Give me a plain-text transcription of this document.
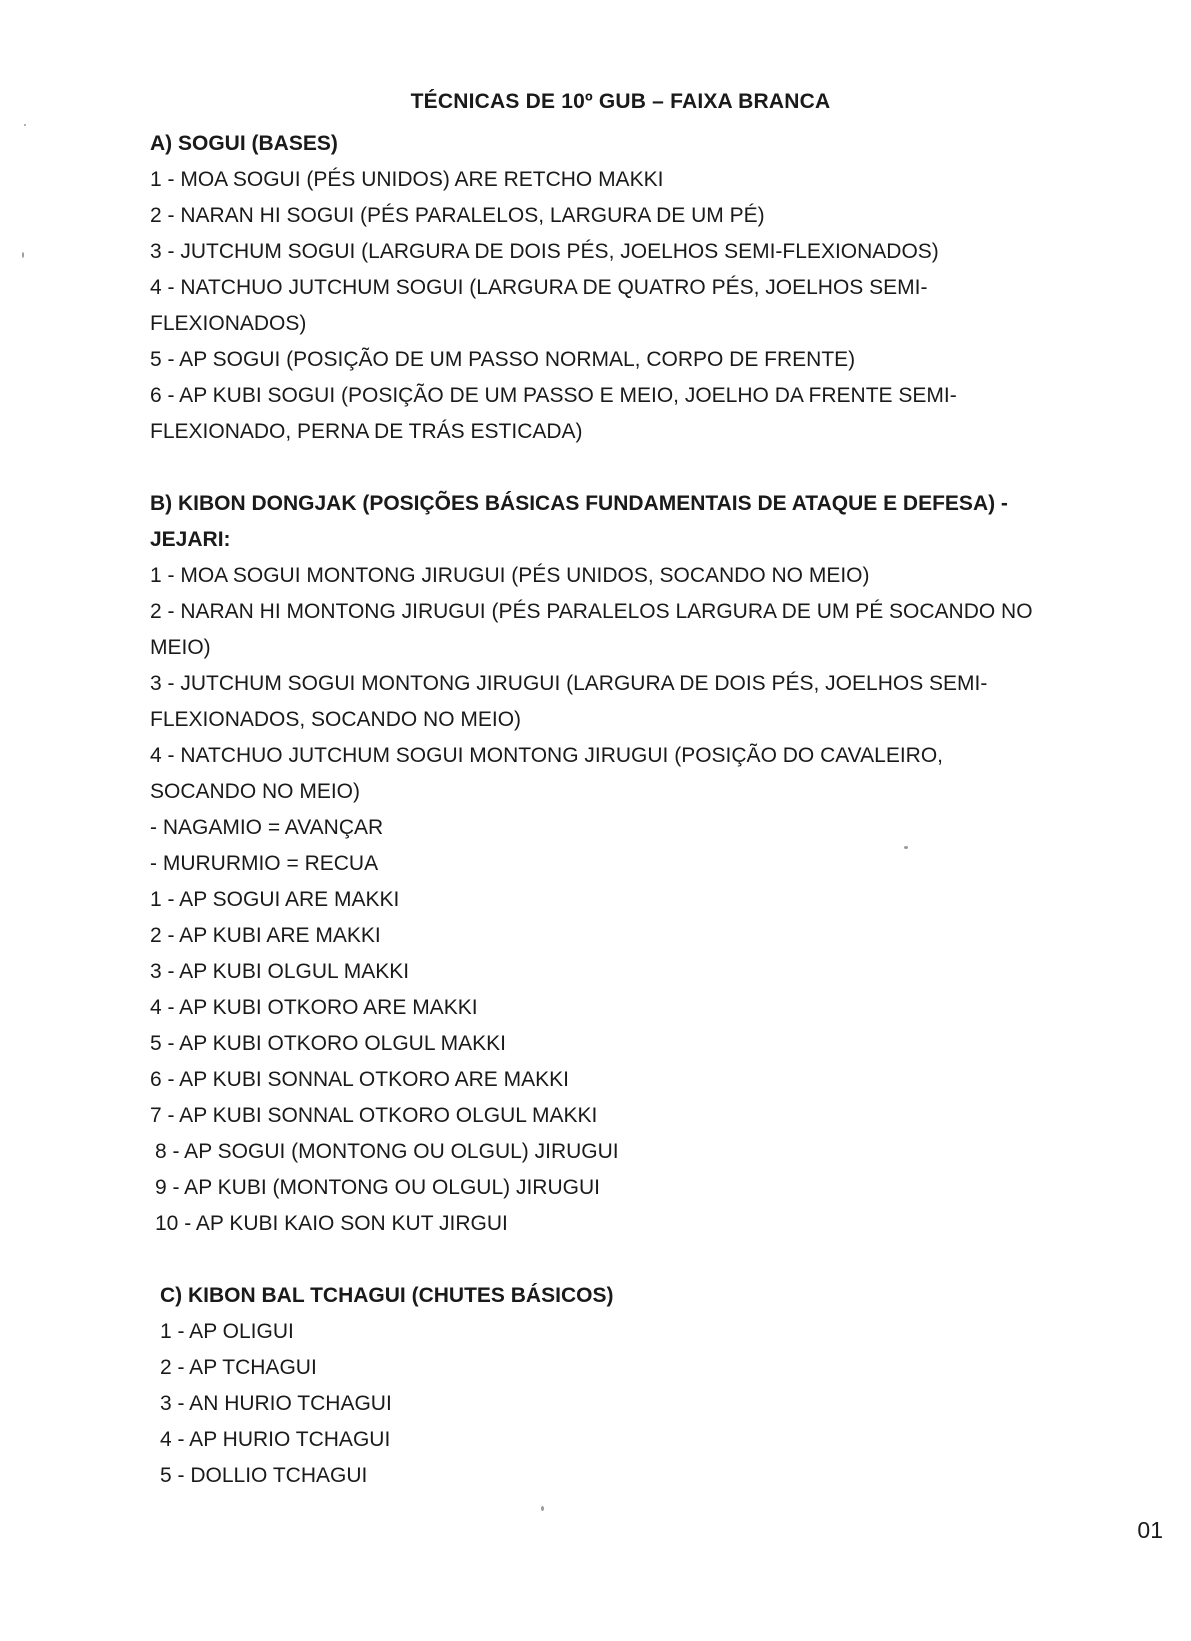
TÉCNICAS DE 10º GUB – FAIXA BRANCA
A) SOGUI (BASES)
1 - MOA SOGUI (PÉS UNIDOS) ARE RETCHO MAKKI
2 - NARAN HI SOGUI (PÉS PARALELOS, LARGURA DE UM PÉ)
3 - JUTCHUM SOGUI (LARGURA DE DOIS PÉS, JOELHOS SEMI-FLEXIONADOS)
4 - NATCHUO JUTCHUM SOGUI (LARGURA DE QUATRO PÉS, JOELHOS SEMI-
FLEXIONADOS)
5 - AP SOGUI (POSIÇÃO DE UM PASSO NORMAL, CORPO DE FRENTE)
6 - AP KUBI SOGUI (POSIÇÃO DE UM PASSO E MEIO, JOELHO DA FRENTE SEMI-
FLEXIONADO, PERNA DE TRÁS ESTICADA)
B) KIBON DONGJAK (POSIÇÕES BÁSICAS FUNDAMENTAIS DE ATAQUE E DEFESA) -
JEJARI:
1 - MOA SOGUI MONTONG JIRUGUI (PÉS UNIDOS, SOCANDO NO MEIO)
2 - NARAN HI MONTONG JIRUGUI (PÉS PARALELOS LARGURA DE UM PÉ SOCANDO NO
MEIO)
3 - JUTCHUM SOGUI MONTONG JIRUGUI (LARGURA DE DOIS PÉS, JOELHOS SEMI-
FLEXIONADOS, SOCANDO NO MEIO)
4 - NATCHUO JUTCHUM SOGUI MONTONG JIRUGUI (POSIÇÃO DO CAVALEIRO,
SOCANDO NO MEIO)
- NAGAMIO = AVANÇAR
- MURURMIO = RECUA
1 - AP SOGUI ARE MAKKI
2 - AP KUBI ARE MAKKI
3 - AP KUBI OLGUL MAKKI
4 - AP KUBI OTKORO ARE MAKKI
5 - AP KUBI OTKORO OLGUL MAKKI
6 - AP KUBI SONNAL OTKORO ARE MAKKI
7 - AP KUBI SONNAL OTKORO OLGUL MAKKI
8 - AP SOGUI (MONTONG OU OLGUL) JIRUGUI
9 - AP KUBI (MONTONG OU OLGUL) JIRUGUI
10 - AP KUBI KAIO SON KUT JIRGUI
C) KIBON BAL TCHAGUI (CHUTES BÁSICOS)
1 - AP OLIGUI
2 - AP TCHAGUI
3 - AN HURIO TCHAGUI
4 - AP HURIO TCHAGUI
5 - DOLLIO TCHAGUI
01
